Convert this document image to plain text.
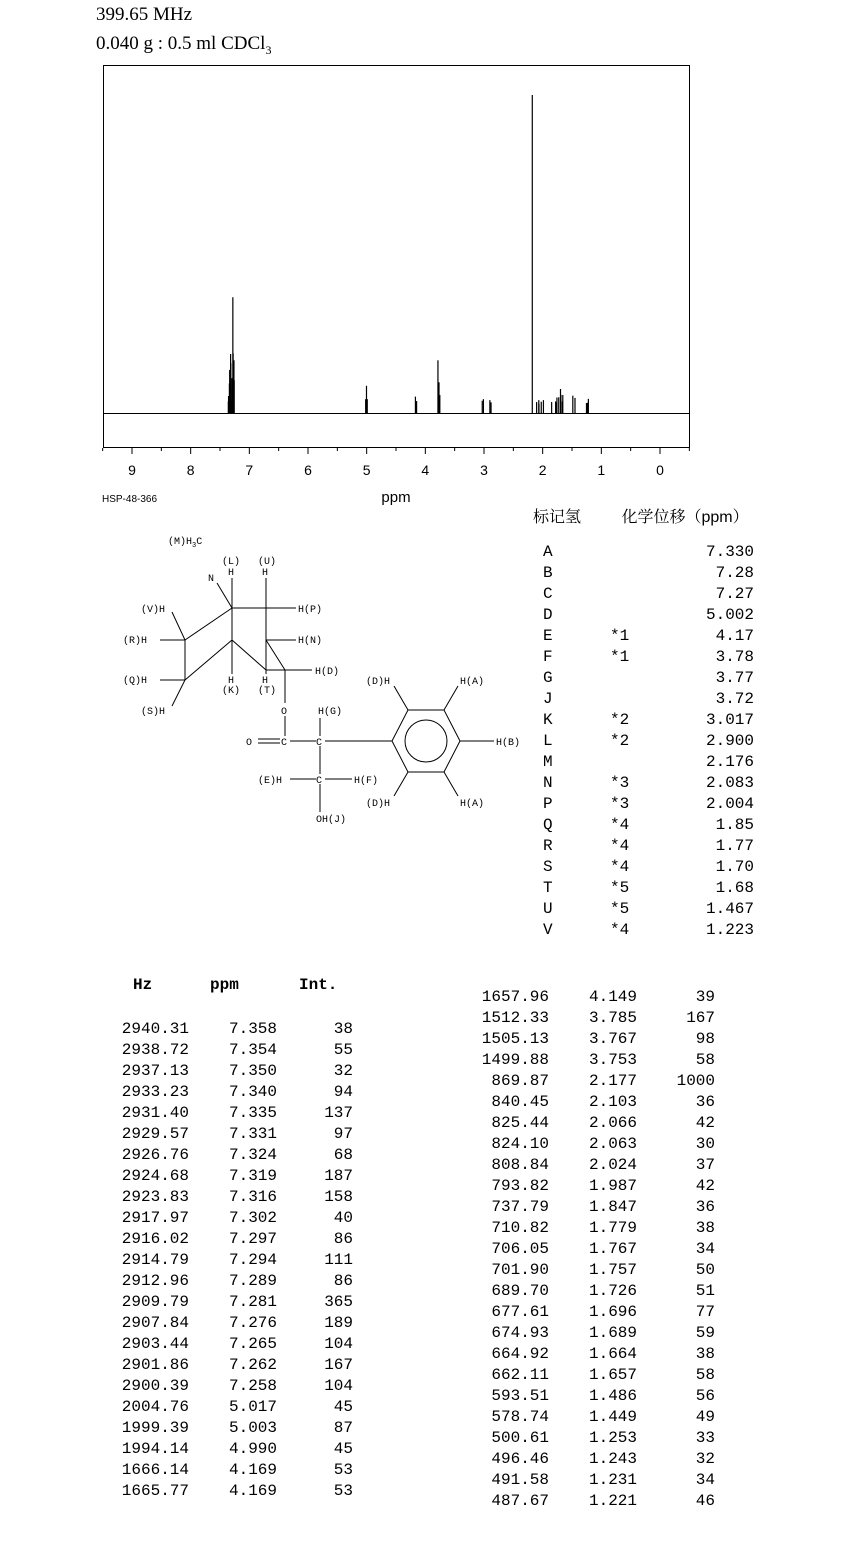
399.65 MHz
0.040 g : 0.5 ml CDCl$_3$
9	8	7	6	5	4	3	2	1	0
ppm
HSP-48-366
$(M)H_3C$
N
(L)
H
(U)
H
(V)H
(R)H
(Q)H
(S)H
H(P)
H(N)
H(D)
H
(K)
H
(T)
O
O	C	C
H(G)
C
(E)H	H(F)
OH(J)
(D)H	H(A)
H(B)
(D)H	H(A)
标记氢	化学位移（ppm）
A	7.330
B	7.28
C	7.27
D	5.002
E	*1	4.17
F	*1	3.78
G	3.77
J	3.72
K	*2	3.017
L	*2	2.900
M	2.176
N	*3	2.083
P	*3	2.004
Q	*4	1.85
R	*4	1.77
S	*4	1.70
T	*5	1.68
U	*5	1.467
V	*4	1.223
Hz	ppm	Int.
2940.31	7.358	38
2938.72	7.354	55
2937.13	7.350	32
2933.23	7.340	94
2931.40	7.335	137
2929.57	7.331	97
2926.76	7.324	68
2924.68	7.319	187
2923.83	7.316	158
2917.97	7.302	40
2916.02	7.297	86
2914.79	7.294	111
2912.96	7.289	86
2909.79	7.281	365
2907.84	7.276	189
2903.44	7.265	104
2901.86	7.262	167
2900.39	7.258	104
2004.76	5.017	45
1999.39	5.003	87
1994.14	4.990	45
1666.14	4.169	53
1665.77	4.169	53
1657.96	4.149	39
1512.33	3.785	167
1505.13	3.767	98
1499.88	3.753	58
869.87	2.177	1000
840.45	2.103	36
825.44	2.066	42
824.10	2.063	30
808.84	2.024	37
793.82	1.987	42
737.79	1.847	36
710.82	1.779	38
706.05	1.767	34
701.90	1.757	50
689.70	1.726	51
677.61	1.696	77
674.93	1.689	59
664.92	1.664	38
662.11	1.657	58
593.51	1.486	56
578.74	1.449	49
500.61	1.253	33
496.46	1.243	32
491.58	1.231	34
487.67	1.221	46
